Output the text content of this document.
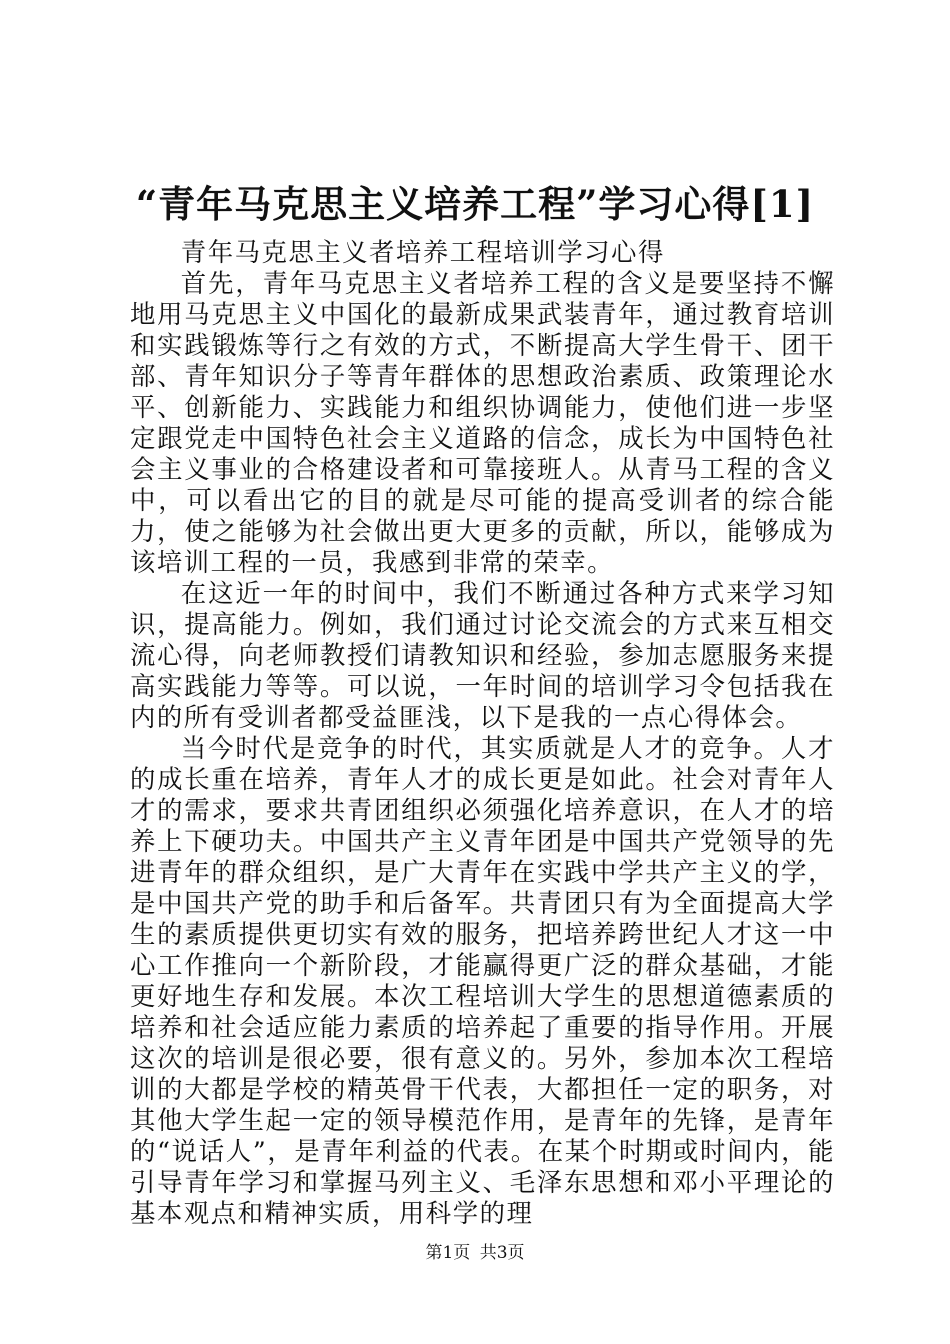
“青年马克思主义培养工程”学习心得[1]

青年马克思主义者培养工程培训学习心得

首先，青年马克思主义者培养工程的含义是要坚持不懈地用马克思主义中国化的最新成果武装青年，通过教育培训和实践锻炼等行之有效的方式，不断提高大学生骨干、团干部、青年知识分子等青年群体的思想政治素质、政策理论水平、创新能力、实践能力和组织协调能力，使他们进一步坚定跟党走中国特色社会主义道路的信念，成长为中国特色社会主义事业的合格建设者和可靠接班人。从青马工程的含义中，可以看出它的目的就是尽可能的提高受训者的综合能力，使之能够为社会做出更大更多的贡献，所以，能够成为该培训工程的一员，我感到非常的荣幸。

在这近一年的时间中，我们不断通过各种方式来学习知识，提高能力。例如，我们通过讨论交流会的方式来互相交流心得，向老师教授们请教知识和经验，参加志愿服务来提高实践能力等等。可以说，一年时间的培训学习令包括我在内的所有受训者都受益匪浅，以下是我的一点心得体会。

当今时代是竞争的时代，其实质就是人才的竞争。人才的成长重在培养，青年人才的成长更是如此。社会对青年人才的需求，要求共青团组织必须强化培养意识，在人才的培养上下硬功夫。中国共产主义青年团是中国共产党领导的先进青年的群众组织，是广大青年在实践中学共产主义的学，是中国共产党的助手和后备军。共青团只有为全面提高大学生的素质提供更切实有效的服务，把培养跨世纪人才这一中心工作推向一个新阶段，才能赢得更广泛的群众基础，才能更好地生存和发展。本次工程培训大学生的思想道德素质的培养和社会适应能力素质的培养起了重要的指导作用。开展这次的培训是很必要，很有意义的。另外，参加本次工程培训的大都是学校的精英骨干代表，大都担任一定的职务，对其他大学生起一定的领导模范作用，是青年的先锋，是青年的“说话人”，是青年利益的代表。在某个时期或时间内，能引导青年学习和掌握马列主义、毛泽东思想和邓小平理论的基本观点和精神实质，用科学的理

第1页 共3页
